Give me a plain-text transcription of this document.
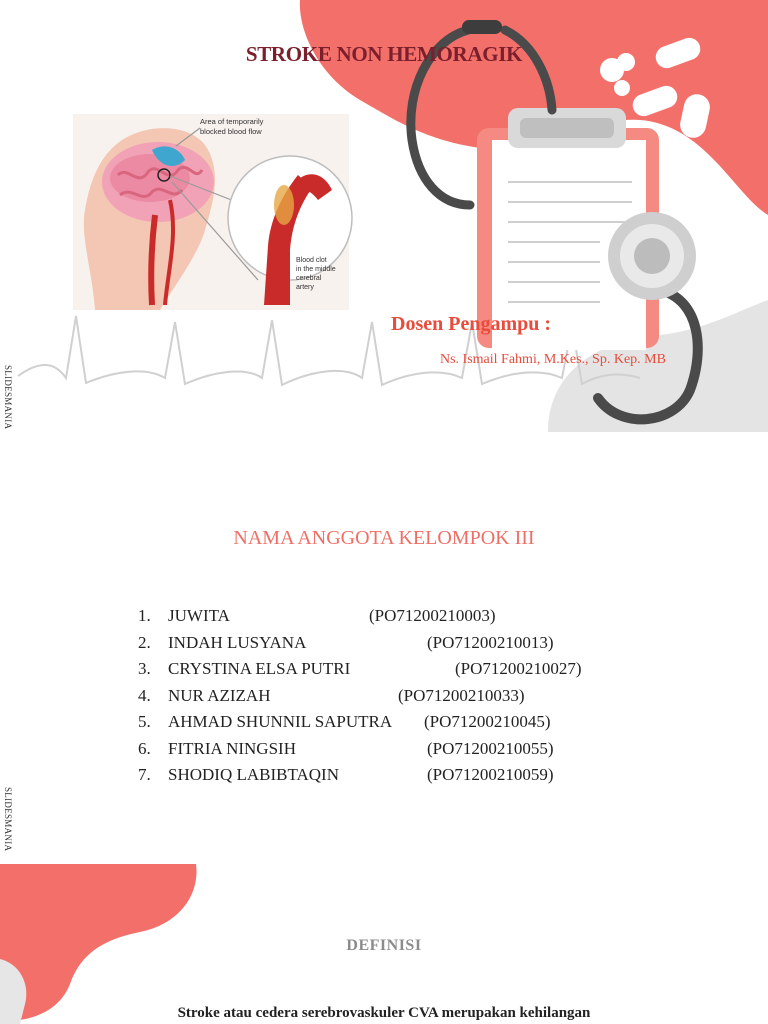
Area of temporarily
blocked blood flow
Blood clot
in the middle
cerebral
artery
STROKE NON HEMORAGIK
Dosen Pengampu :
Ns. Ismail Fahmi, M.Kes., Sp. Kep. MB
SLIDESMANIA
NAMA ANGGOTA KELOMPOK III
1. JUWITA	(PO71200210003)
2. INDAH LUSYANA	(PO71200210013)
3. CRYSTINA ELSA PUTRI	(PO71200210027)
4. NUR AZIZAH	(PO71200210033)
5. AHMAD SHUNNIL SAPUTRA (PO71200210045)
6. FITRIA NINGSIH	(PO71200210055)
7. SHODIQ LABIBTAQIN	(PO71200210059)
SLIDESMANIA
DEFINISI
Stroke atau cedera serebrovaskuler CVA merupakan kehilangan
